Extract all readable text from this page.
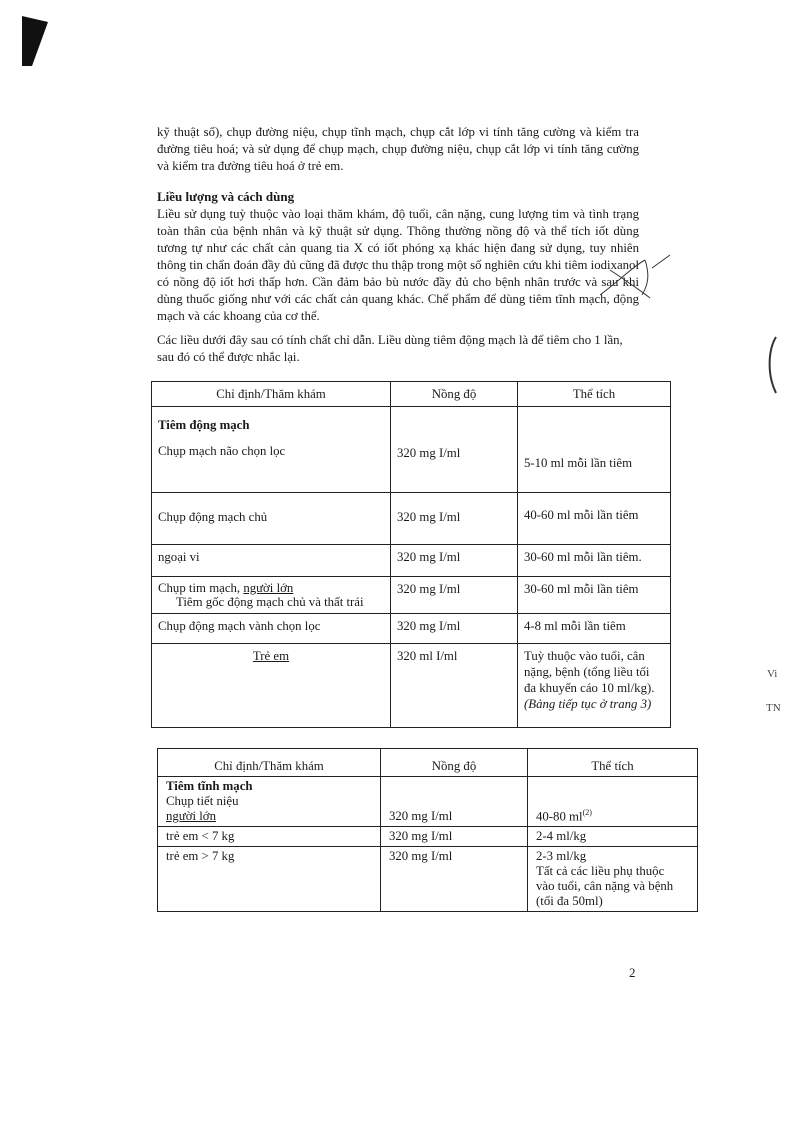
kỹ thuật số), chụp đường niệu, chụp tĩnh mạch, chụp cắt lớp vi tính tăng cường và kiểm tra đường tiêu hoá; và sử dụng để chụp mạch, chụp đường niệu, chụp cắt lớp vi tính tăng cường và kiểm tra đường tiêu hoá ở trẻ em.

Liều lượng và cách dùng

Liều sử dụng tuỳ thuộc vào loại thăm khám, độ tuổi, cân nặng, cung lượng tim và tình trạng toàn thân của bệnh nhân và kỹ thuật sử dụng. Thông thường nồng độ và thể tích iốt dùng tương tự như các chất cản quang tia X có iốt phóng xạ khác hiện đang sử dụng, tuy nhiên thông tin chẩn đoán đầy đủ cũng đã được thu thập trong một số nghiên cứu khi tiêm iodixanol có nồng độ iốt hơi thấp hơn. Cần đảm bảo bù nước đầy đủ cho bệnh nhân trước và sau khi dùng thuốc giống như với các chất cản quang khác. Chế phẩm để dùng tiêm tĩnh mạch, động mạch và các khoang của cơ thể.

Các liều dưới đây sau có tính chất chỉ dẫn. Liều dùng tiêm động mạch là để tiêm cho 1 lần, sau đó có thể được nhắc lại.

Chỉ định/Thăm khám	Nồng độ	Thể tích

Tiêm động mạch
Chụp mạch não chọn lọc	320 mg I/ml	5-10 ml mỗi lần tiêm

Chụp động mạch chủ	320 mg I/ml	40-60 ml mỗi lần tiêm

ngoại vi	320 mg I/ml	30-60 ml mỗi lần tiêm.

Chụp tim mạch, người lớn
Tiêm gốc động mạch chủ và thất trái	320 mg I/ml	30-60 ml mỗi lần tiêm
Chụp động mạch vành chọn lọc	320 mg I/ml	4-8 ml mỗi lần tiêm
Trẻ em	320 ml I/ml	Tuỳ thuộc vào tuổi, cân
nặng, bệnh (tổng liều tối
đa khuyến cáo 10 ml/kg).
(Bảng tiếp tục ở trang 3)
Chỉ định/Thăm khám	Nồng độ	Thể tích

Tiêm tĩnh mạch
Chụp tiết niệu
người lớn	320 mg I/ml	40-80 $ml^{(2)}$
trẻ em < 7 kg	320 mg I/ml	2-4 ml/kg
trẻ em > 7 kg	320 mg I/ml	2-3 ml/kg
Tất cả các liều phụ thuộc
vào tuổi, cân nặng và bệnh
(tối đa 50ml)
2
Vi
TN
